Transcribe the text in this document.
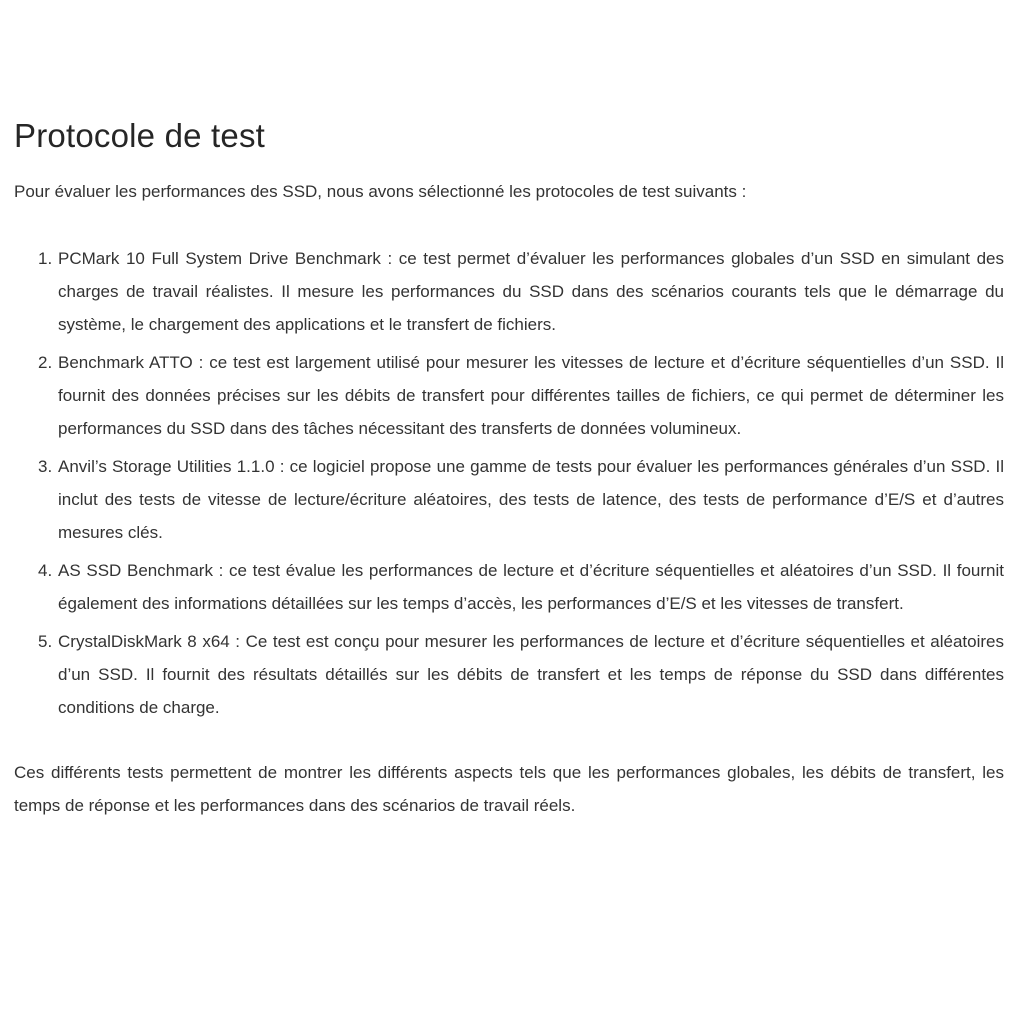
Protocole de test

Pour évaluer les performances des SSD, nous avons sélectionné les protocoles de test suivants :

1. PCMark 10 Full System Drive Benchmark : ce test permet d’évaluer les performances globales d’un SSD en simulant des charges de travail réalistes. Il mesure les performances du SSD dans des scénarios courants tels que le démarrage du système, le chargement des applications et le transfert de fichiers.
2. Benchmark ATTO : ce test est largement utilisé pour mesurer les vitesses de lecture et d’écriture séquentielles d’un SSD. Il fournit des données précises sur les débits de transfert pour différentes tailles de fichiers, ce qui permet de déterminer les performances du SSD dans des tâches nécessitant des transferts de données volumineux.
3. Anvil’s Storage Utilities 1.1.0 : ce logiciel propose une gamme de tests pour évaluer les performances générales d’un SSD. Il inclut des tests de vitesse de lecture/écriture aléatoires, des tests de latence, des tests de performance d’E/S et d’autres mesures clés.
4. AS SSD Benchmark : ce test évalue les performances de lecture et d’écriture séquentielles et aléatoires d’un SSD. Il fournit également des informations détaillées sur les temps d’accès, les performances d’E/S et les vitesses de transfert.
5. CrystalDiskMark 8 x64 : Ce test est conçu pour mesurer les performances de lecture et d’écriture séquentielles et aléatoires d’un SSD. Il fournit des résultats détaillés sur les débits de transfert et les temps de réponse du SSD dans différentes conditions de charge.

Ces différents tests permettent de montrer les différents aspects tels que les performances globales, les débits de transfert, les temps de réponse et les performances dans des scénarios de travail réels.
